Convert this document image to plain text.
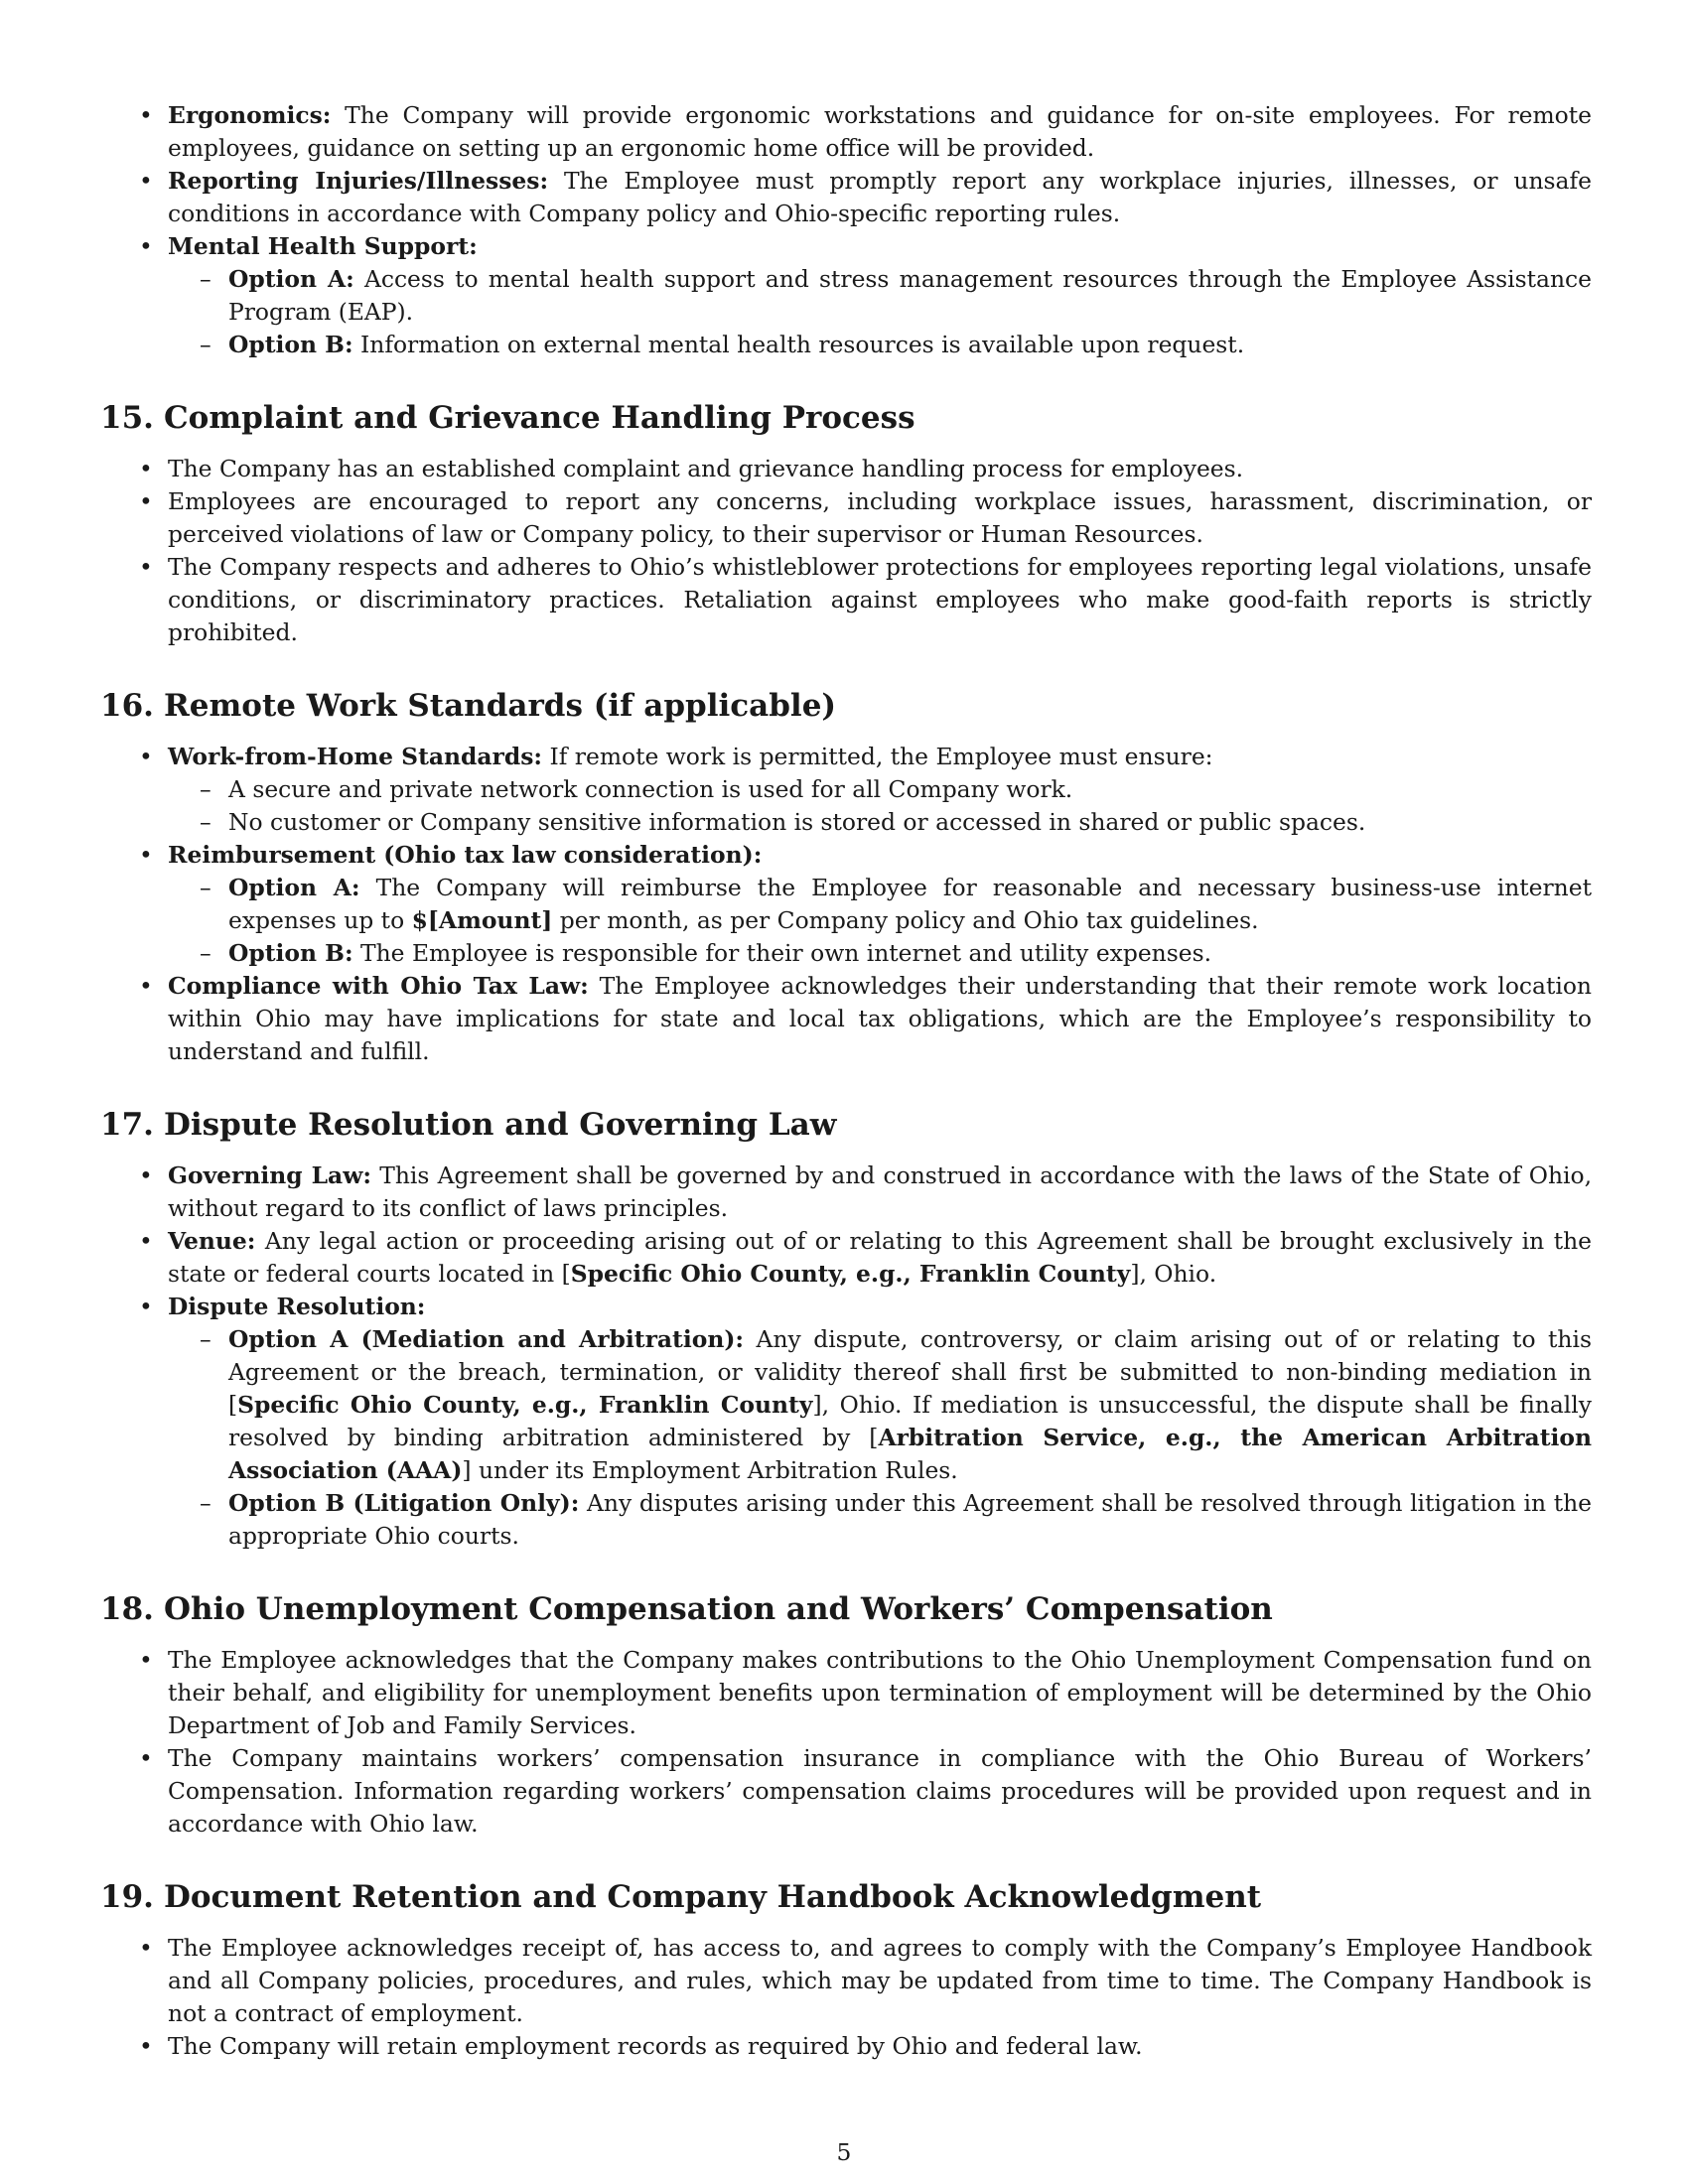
• Ergonomics: The Company will provide ergonomic workstations and guidance for on-site employees. For remote employees, guidance on setting up an ergonomic home office will be provided.
• Reporting Injuries/Illnesses: The Employee must promptly report any workplace injuries, illnesses, or unsafe conditions in accordance with Company policy and Ohio-specific reporting rules.
• Mental Health Support:
– Option A: Access to mental health support and stress management resources through the Employee Assistance Program (EAP).
– Option B: Information on external mental health resources is available upon request.
15. Complaint and Grievance Handling Process
• The Company has an established complaint and grievance handling process for employees.
• Employees are encouraged to report any concerns, including workplace issues, harassment, discrimination, or perceived violations of law or Company policy, to their supervisor or Human Resources.
• The Company respects and adheres to Ohio’s whistleblower protections for employees reporting legal violations, unsafe conditions, or discriminatory practices. Retaliation against employees who make good-faith reports is strictly prohibited.
16. Remote Work Standards (if applicable)
• Work-from-Home Standards: If remote work is permitted, the Employee must ensure:
– A secure and private network connection is used for all Company work.
– No customer or Company sensitive information is stored or accessed in shared or public spaces.
• Reimbursement (Ohio tax law consideration):
– Option A: The Company will reimburse the Employee for reasonable and necessary business-use internet expenses up to $[Amount] per month, as per Company policy and Ohio tax guidelines.
– Option B: The Employee is responsible for their own internet and utility expenses.
• Compliance with Ohio Tax Law: The Employee acknowledges their understanding that their remote work location within Ohio may have implications for state and local tax obligations, which are the Employee’s responsibility to understand and fulfill.
17. Dispute Resolution and Governing Law
• Governing Law: This Agreement shall be governed by and construed in accordance with the laws of the State of Ohio, without regard to its conflict of laws principles.
• Venue: Any legal action or proceeding arising out of or relating to this Agreement shall be brought exclusively in the state or federal courts located in [Specific Ohio County, e.g., Franklin County], Ohio.
• Dispute Resolution:
– Option A (Mediation and Arbitration): Any dispute, controversy, or claim arising out of or relating to this Agreement or the breach, termination, or validity thereof shall first be submitted to non-binding mediation in [Specific Ohio County, e.g., Franklin County], Ohio. If mediation is unsuccessful, the dispute shall be finally resolved by binding arbitration administered by [Arbitration Service, e.g., the American Arbitration Association (AAA)] under its Employment Arbitration Rules.
– Option B (Litigation Only): Any disputes arising under this Agreement shall be resolved through litigation in the appropriate Ohio courts.
18. Ohio Unemployment Compensation and Workers’ Compensation
• The Employee acknowledges that the Company makes contributions to the Ohio Unemployment Compensation fund on their behalf, and eligibility for unemployment benefits upon termination of employment will be determined by the Ohio Department of Job and Family Services.
• The Company maintains workers’ compensation insurance in compliance with the Ohio Bureau of Workers’ Compensation. Information regarding workers’ compensation claims procedures will be provided upon request and in accordance with Ohio law.
19. Document Retention and Company Handbook Acknowledgment
• The Employee acknowledges receipt of, has access to, and agrees to comply with the Company’s Employee Handbook and all Company policies, procedures, and rules, which may be updated from time to time. The Company Handbook is not a contract of employment.
• The Company will retain employment records as required by Ohio and federal law.
5
